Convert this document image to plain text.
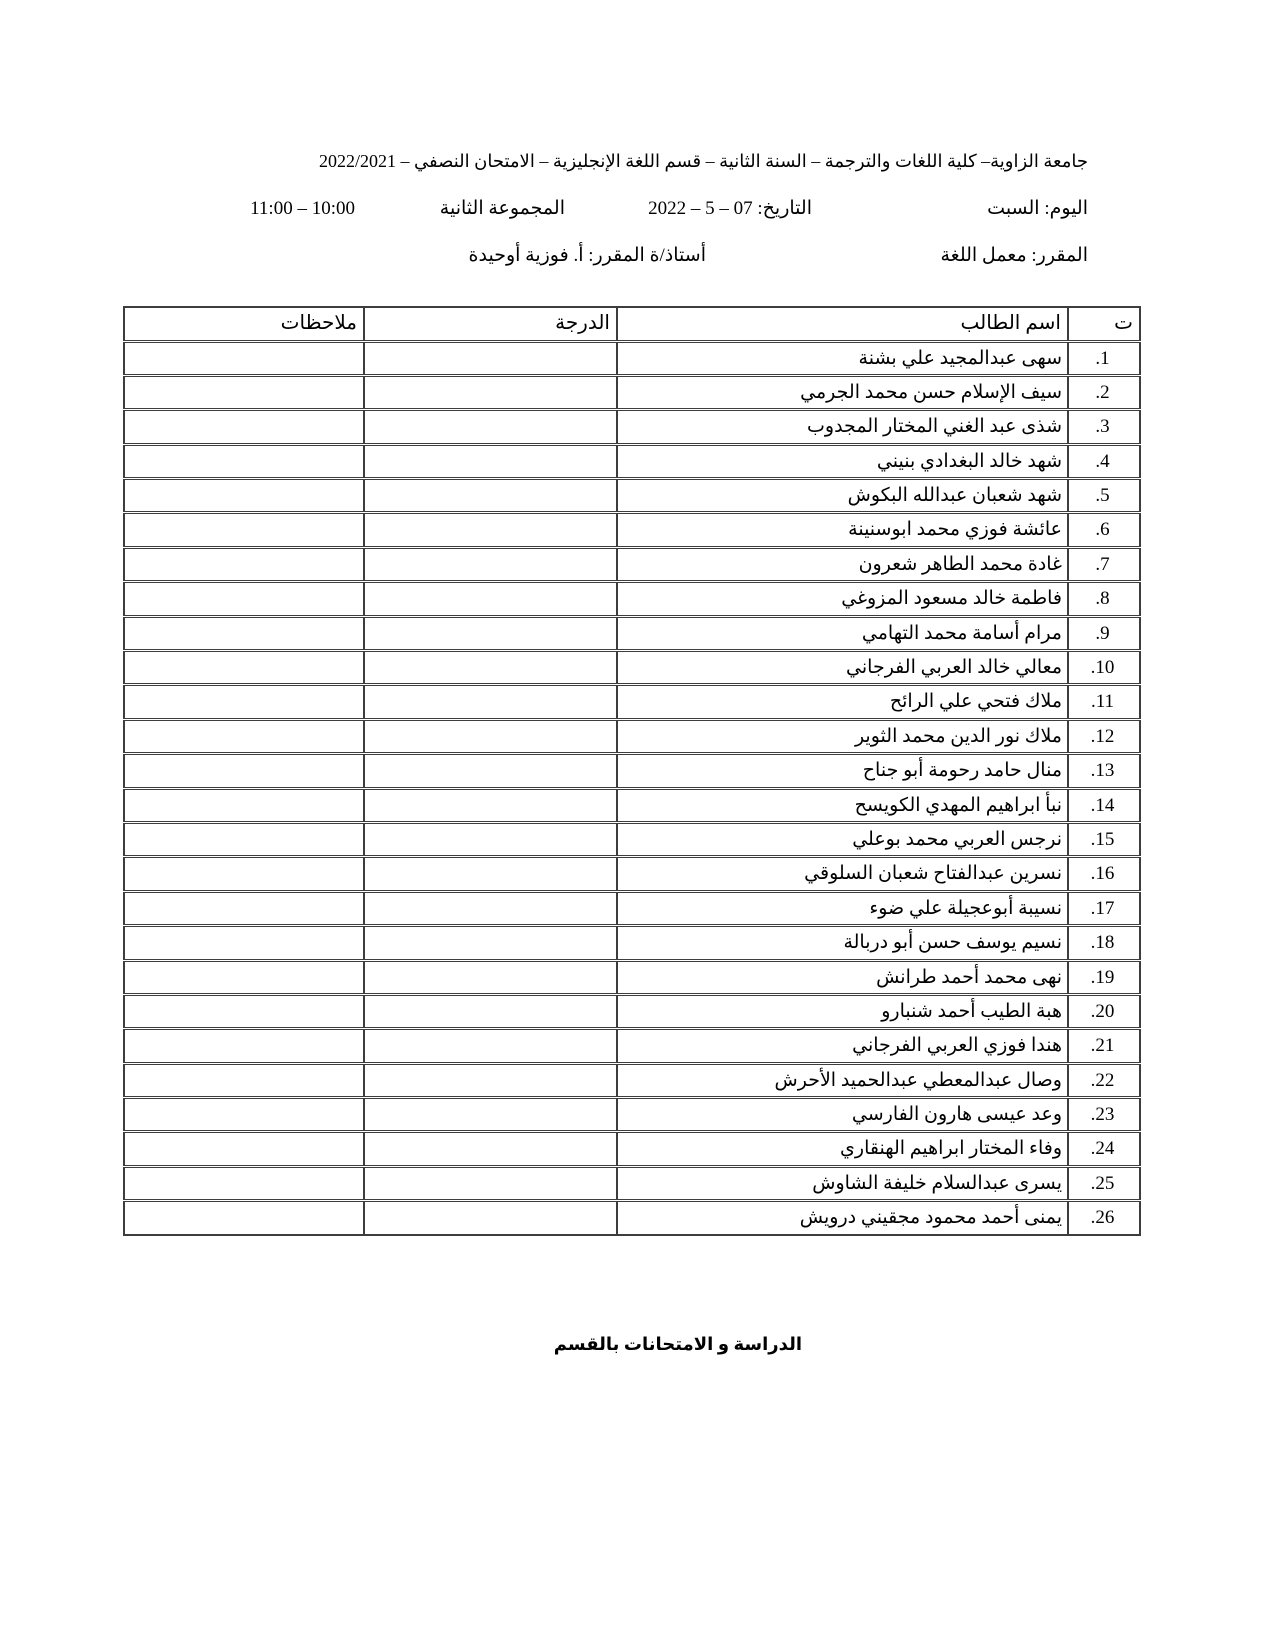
جامعة الزاوية– كلية اللغات والترجمة – السنة الثانية – قسم اللغة الإنجليزية – الامتحان النصفي – 2022/2021
اليوم: السبت
التاريخ: 07 – 5 – 2022
المجموعة الثانية
10:00 – 11:00
المقرر: معمل اللغة
أستاذ/ة المقرر: أ. فوزية أوحيدة
ت	اسم الطالب	الدرجة	ملاحظات
1.	سهى عبدالمجيد علي بشنة		
2.	سيف الإسلام حسن محمد الجرمي		
3.	شذى عبد الغني المختار المجدوب		
4.	شهد خالد البغدادي بنيني		
5.	شهد شعبان عبدالله البكوش		
6.	عائشة فوزي محمد ابوسنينة		
7.	غادة محمد الطاهر شعرون		
8.	فاطمة خالد مسعود المزوغي		
9.	مرام أسامة محمد التهامي		
10.	معالي خالد العربي الفرجاني		
11.	ملاك فتحي علي الرائح		
12.	ملاك نور الدين محمد الثوير		
13.	منال حامد رحومة أبو جناح		
14.	نبأ ابراهيم المهدي الكويسح		
15.	نرجس العربي محمد بوعلي		
16.	نسرين عبدالفتاح شعبان السلوقي		
17.	نسيبة أبوعجيلة علي ضوء		
18.	نسيم يوسف حسن أبو دربالة		
19.	نهى محمد أحمد طرانش		
20.	هبة الطيب أحمد شنبارو		
21.	هندا فوزي العربي الفرجاني		
22.	وصال عبدالمعطي عبدالحميد الأحرش		
23.	وعد عيسى هارون الفارسي		
24.	وفاء المختار ابراهيم الهنقاري		
25.	يسرى عبدالسلام خليفة الشاوش		
26.	يمنى أحمد محمود مجقيني درويش		
الدراسة و الامتحانات بالقسم
